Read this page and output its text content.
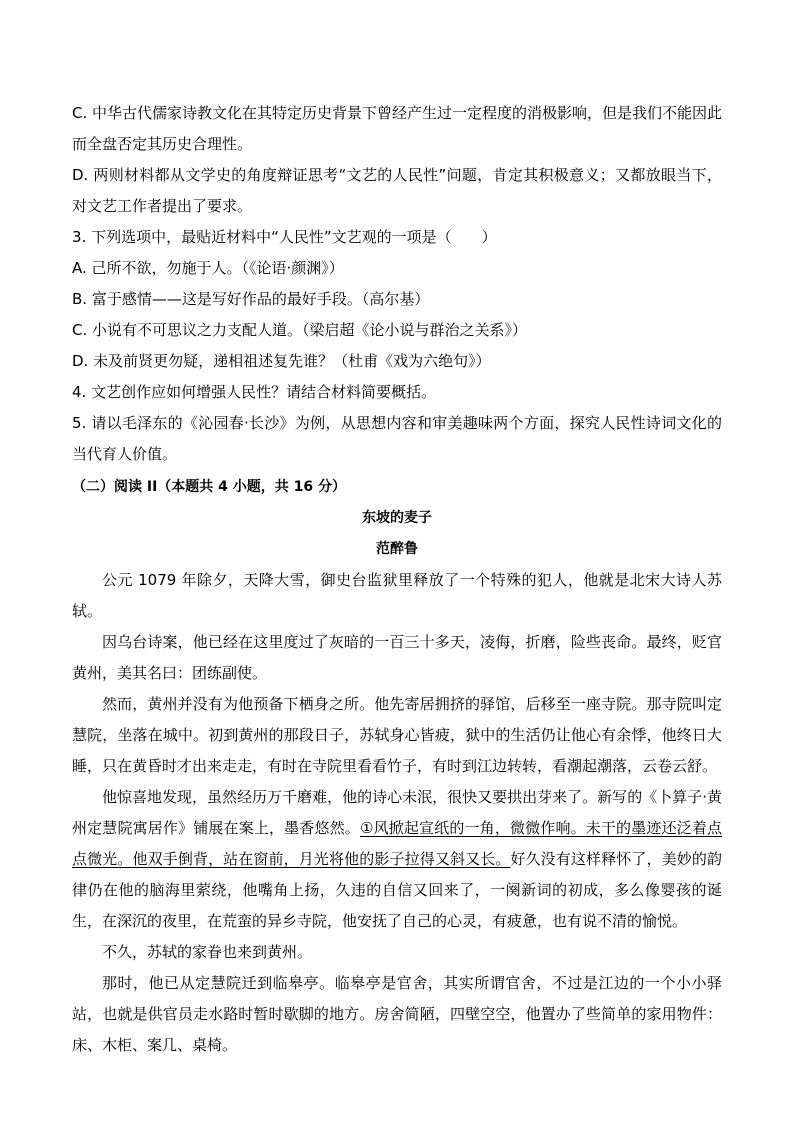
C. 中华古代儒家诗教文化在其特定历史背景下曾经产生过一定程度的消极影响，但是我们不能因此而全盘否定其历史合理性。

D. 两则材料都从文学史的角度辩证思考“文艺的人民性”问题，肯定其积极意义；又都放眼当下，对文艺工作者提出了要求。

3. 下列选项中，最贴近材料中“人民性”文艺观的一项是（　　）

A. 己所不欲，勿施于人。（《论语·颜渊》）

B. 富于感情——这是写好作品的最好手段。（高尔基）

C. 小说有不可思议之力支配人道。（梁启超《论小说与群治之关系》）

D. 未及前贤更勿疑，递相祖述复先谁？（杜甫《戏为六绝句》）

4. 文艺创作应如何增强人民性？请结合材料简要概括。

5. 请以毛泽东的《沁园春·长沙》为例，从思想内容和审美趣味两个方面，探究人民性诗词文化的当代育人价值。

（二）阅读 II（本题共 4 小题，共 16 分）

东坡的麦子

范醉鲁

公元 1079 年除夕，天降大雪，御史台监狱里释放了一个特殊的犯人，他就是北宋大诗人苏轼。

因乌台诗案，他已经在这里度过了灰暗的一百三十多天，凌侮，折磨，险些丧命。最终，贬官黄州，美其名曰：团练副使。

然而，黄州并没有为他预备下栖身之所。他先寄居拥挤的驿馆，后移至一座寺院。那寺院叫定慧院，坐落在城中。初到黄州的那段日子，苏轼身心皆疲，狱中的生活仍让他心有余悸，他终日大睡，只在黄昏时才出来走走，有时在寺院里看看竹子，有时到江边转转，看潮起潮落，云卷云舒。

他惊喜地发现，虽然经历万千磨难，他的诗心未泯，很快又要拱出芽来了。新写的《卜算子·黄州定慧院寓居作》铺展在案上，墨香悠然。①风掀起宣纸的一角，微微作响。未干的墨迹还泛着点点微光。他双手倒背，站在窗前，月光将他的影子拉得又斜又长。好久没有这样释怀了，美妙的韵律仍在他的脑海里萦绕，他嘴角上扬，久违的自信又回来了，一阕新词的初成，多么像婴孩的诞生，在深沉的夜里，在荒蛮的异乡寺院，他安抚了自己的心灵，有疲惫，也有说不清的愉悦。

不久，苏轼的家眷也来到黄州。

那时，他已从定慧院迁到临皋亭。临皋亭是官舍，其实所谓官舍，不过是江边的一个小小驿站，也就是供官员走水路时暂时歇脚的地方。房舍简陋，四壁空空，他置办了些简单的家用物件：床、木柜、案几、桌椅。
